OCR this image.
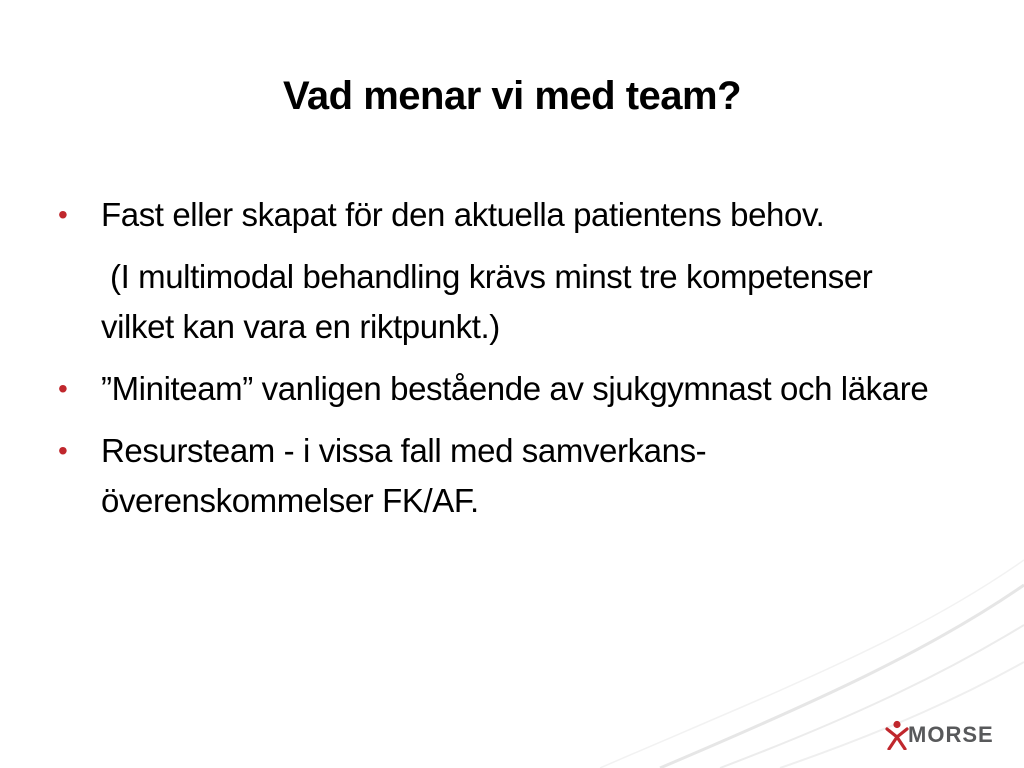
Vad menar vi med team?
• Fast eller skapat för den aktuella patientens behov.
(I multimodal behandling krävs minst tre kompetenser vilket kan vara en riktpunkt.)
• ”Miniteam” vanligen bestående av sjukgymnast och läkare
• Resursteam - i vissa fall med samverkans-överenskommelser FK/AF.
MORSE
